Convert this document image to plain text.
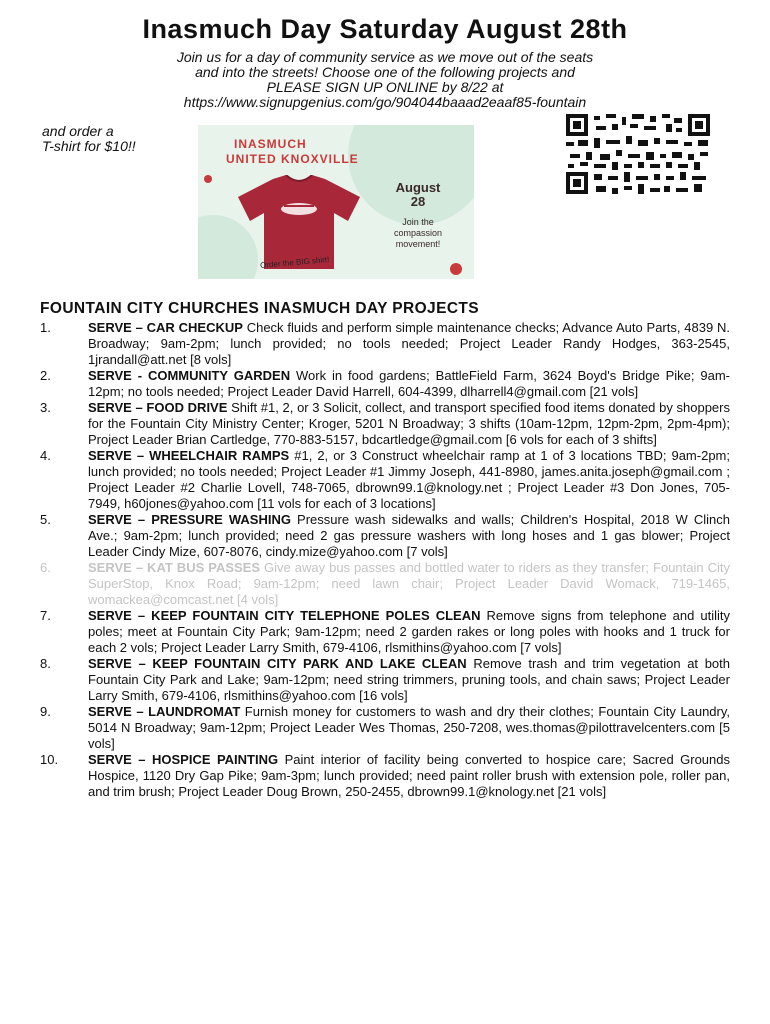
Inasmuch Day Saturday August 28th
Join us for a day of community service as we move out of the seats
and into the streets! Choose one of the following projects and
PLEASE SIGN UP ONLINE by 8/22 at
https://www.signupgenius.com/go/904044baaad2eaaf85-fountain
and order a
T-shirt for $10!!	INASMUCH
UNITED KNOXVILLE
August
28
Join the
compassion
movement!
Order the BIG shirt!
FOUNTAIN CITY CHURCHES INASMUCH DAY PROJECTS
1.	SERVE – CAR CHECKUP Check fluids and perform simple maintenance checks; Advance Auto Parts, 4839 N. Broadway; 9am-2pm; lunch provided; no tools needed; Project Leader Randy Hodges, 363-2545, 1jrandall@att.net [8 vols]
2.	SERVE - COMMUNITY GARDEN Work in food gardens; BattleField Farm, 3624 Boyd's Bridge Pike; 9am-12pm; no tools needed; Project Leader David Harrell, 604-4399, dlharrell4@gmail.com [21 vols]
3.	SERVE – FOOD DRIVE Shift #1, 2, or 3 Solicit, collect, and transport specified food items donated by shoppers for the Fountain City Ministry Center; Kroger, 5201 N Broadway; 3 shifts (10am-12pm, 12pm-2pm, 2pm-4pm); Project Leader Brian Cartledge, 770-883-5157, bdcartledge@gmail.com [6 vols for each of 3 shifts]
4.	SERVE – WHEELCHAIR RAMPS #1, 2, or 3 Construct wheelchair ramp at 1 of 3 locations TBD; 9am-2pm; lunch provided; no tools needed; Project Leader #1 Jimmy Joseph, 441-8980, james.anita.joseph@gmail.com ; Project Leader #2 Charlie Lovell, 748-7065, dbrown99.1@knology.net ; Project Leader #3 Don Jones, 705-7949, h60jones@yahoo.com [11 vols for each of 3 locations]
5.	SERVE – PRESSURE WASHING Pressure wash sidewalks and walls; Children's Hospital, 2018 W Clinch Ave.; 9am-2pm; lunch provided; need 2 gas pressure washers with long hoses and 1 gas blower; Project Leader Cindy Mize, 607-8076, cindy.mize@yahoo.com [7 vols]
6.	SERVE – KAT BUS PASSES Give away bus passes and bottled water to riders as they transfer; Fountain City SuperStop, Knox Road; 9am-12pm; need lawn chair; Project Leader David Womack, 719-1465, womackea@comcast.net [4 vols]
7.	SERVE – KEEP FOUNTAIN CITY TELEPHONE POLES CLEAN Remove signs from telephone and utility poles; meet at Fountain City Park; 9am-12pm; need 2 garden rakes or long poles with hooks and 1 truck for each 2 vols; Project Leader Larry Smith, 679-4106, rlsmithins@yahoo.com [7 vols]
8.	SERVE – KEEP FOUNTAIN CITY PARK AND LAKE CLEAN Remove trash and trim vegetation at both Fountain City Park and Lake; 9am-12pm; need string trimmers, pruning tools, and chain saws; Project Leader Larry Smith, 679-4106, rlsmithins@yahoo.com [16 vols]
9.	SERVE – LAUNDROMAT Furnish money for customers to wash and dry their clothes; Fountain City Laundry, 5014 N Broadway; 9am-12pm; Project Leader Wes Thomas, 250-7208, wes.thomas@pilottravelcenters.com [5 vols]
10.	SERVE – HOSPICE PAINTING Paint interior of facility being converted to hospice care; Sacred Grounds Hospice, 1120 Dry Gap Pike; 9am-3pm; lunch provided; need paint roller brush with extension pole, roller pan, and trim brush; Project Leader Doug Brown, 250-2455, dbrown99.1@knology.net [21 vols]
